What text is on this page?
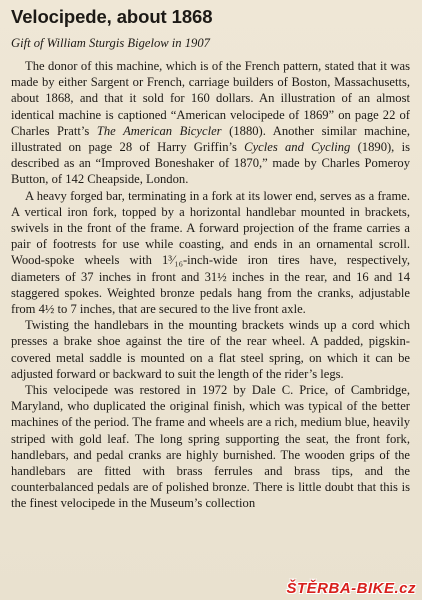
Velocipede, about 1868

Gift of William Sturgis Bigelow in 1907

The donor of this machine, which is of the French pattern, stated that it was made by either Sargent or French, carriage builders of Boston, Massachusetts, about 1868, and that it sold for 160 dollars. An illustration of an almost identical machine is captioned “American velocipede of 1869” on page 22 of Charles Pratt’s The American Bicycler (1880). Another similar machine, illustrated on page 28 of Harry Griffin’s Cycles and Cycling (1890), is described as an “Improved Boneshaker of 1870,” made by Charles Pomeroy Button, of 142 Cheapside, London.

A heavy forged bar, terminating in a fork at its lower end, serves as a frame. A vertical iron fork, topped by a horizontal handlebar mounted in brackets, swivels in the front of the frame. A forward projection of the frame carries a pair of footrests for use while coasting, and ends in an ornamental scroll. Wood-spoke wheels with 1³⁄₁₆-inch-wide iron tires have, respectively, diameters of 37 inches in front and 31½ inches in the rear, and 16 and 14 staggered spokes. Weighted bronze pedals hang from the cranks, adjustable from 4½ to 7 inches, that are secured to the live front axle.

Twisting the handlebars in the mounting brackets winds up a cord which presses a brake shoe against the tire of the rear wheel. A padded, pigskin-covered metal saddle is mounted on a flat steel spring, on which it can be adjusted forward or backward to suit the length of the rider’s legs.

This velocipede was restored in 1972 by Dale C. Price, of Cambridge, Maryland, who duplicated the original finish, which was typical of the better machines of the period. The frame and wheels are a rich, medium blue, heavily striped with gold leaf. The long spring supporting the seat, the front fork, handlebars, and pedal cranks are highly burnished. The wooden grips of the handlebars are fitted with brass ferrules and brass tips, and the counterbalanced pedals are of polished bronze. There is little doubt that this is the finest velocipede in the Museum’s collection

ŠTĚRBA-BIKE.cz
